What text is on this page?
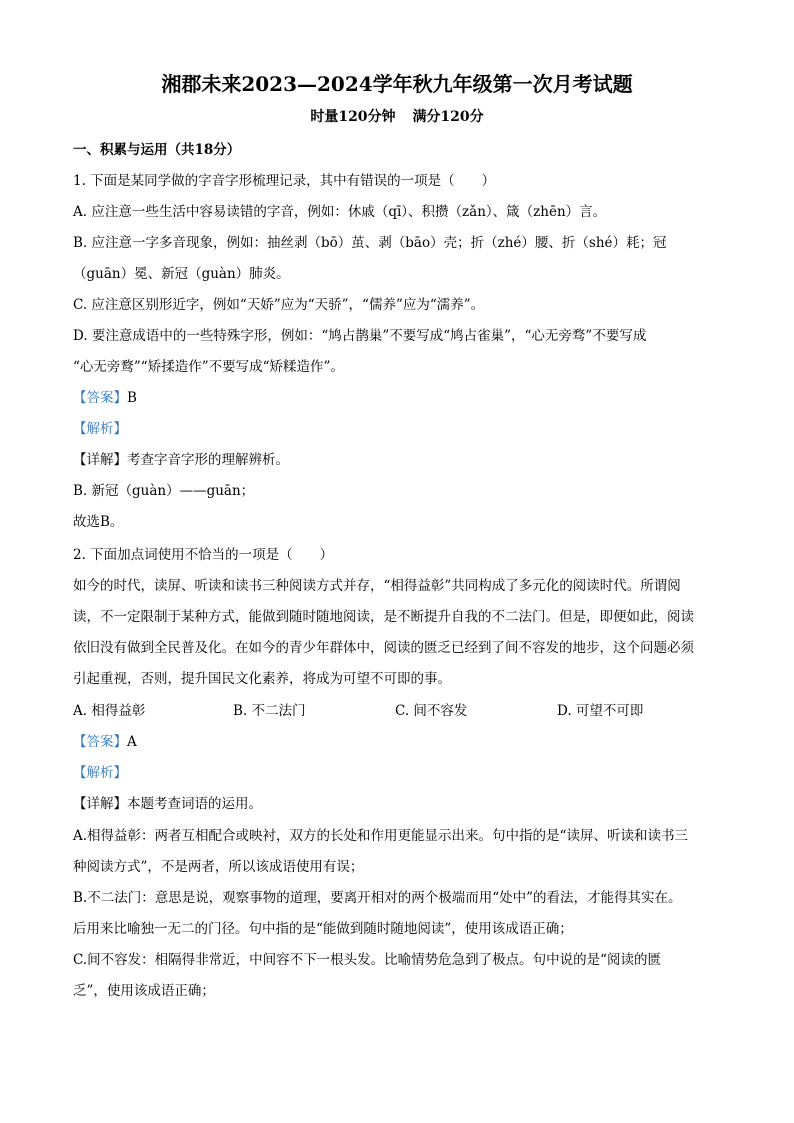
湘郡未来2023—2024学年秋九年级第一次月考试题
时量120分钟 满分120分

一、积累与运用（共18分）

1. 下面是某同学做的字音字形梳理记录，其中有错误的一项是（　　）

A. 应注意一些生活中容易读错的字音，例如：休戚（qī）、积攒（zǎn）、箴（zhēn）言。

B. 应注意一字多音现象，例如：抽丝剥（bō）茧、剥（bāo）壳；折（zhé）腰、折（shé）耗；冠

（guān）冕、新冠（guàn）肺炎。

C. 应注意区别形近字，例如“天娇”应为“天骄”，“儒养”应为“濡养”。

D. 要注意成语中的一些特殊字形，例如：“鸠占鹊巢”不要写成“鸠占雀巢”，“心无旁骛”不要写成

“心无旁鹜”“矫揉造作”不要写成“矫糅造作”。

【答案】B

【解析】

【详解】考查字音字形的理解辨析。

B. 新冠（guàn）——guān；

故选B。

2. 下面加点词使用不恰当的一项是（　　）

如今的时代，读屏、听读和读书三种阅读方式并存，“相得益彰”共同构成了多元化的阅读时代。所谓阅

读，不一定限制于某种方式，能做到随时随地阅读，是不断提升自我的不二法门。但是，即便如此，阅读

依旧没有做到全民普及化。在如今的青少年群体中，阅读的匮乏已经到了间不容发的地步，这个问题必须

引起重视，否则，提升国民文化素养，将成为可望不可即的事。

A. 相得益彰	B. 不二法门	C. 间不容发	D. 可望不可即

【答案】A

【解析】

【详解】本题考查词语的运用。

A.相得益彰：两者互相配合或映衬，双方的长处和作用更能显示出来。句中指的是“读屏、听读和读书三

种阅读方式”，不是两者，所以该成语使用有误；

B.不二法门：意思是说，观察事物的道理，要离开相对的两个极端而用“处中”的看法，才能得其实在。

后用来比喻独一无二的门径。句中指的是“能做到随时随地阅读”，使用该成语正确；

C.间不容发：相隔得非常近，中间容不下一根头发。比喻情势危急到了极点。句中说的是“阅读的匮

乏”，使用该成语正确；
